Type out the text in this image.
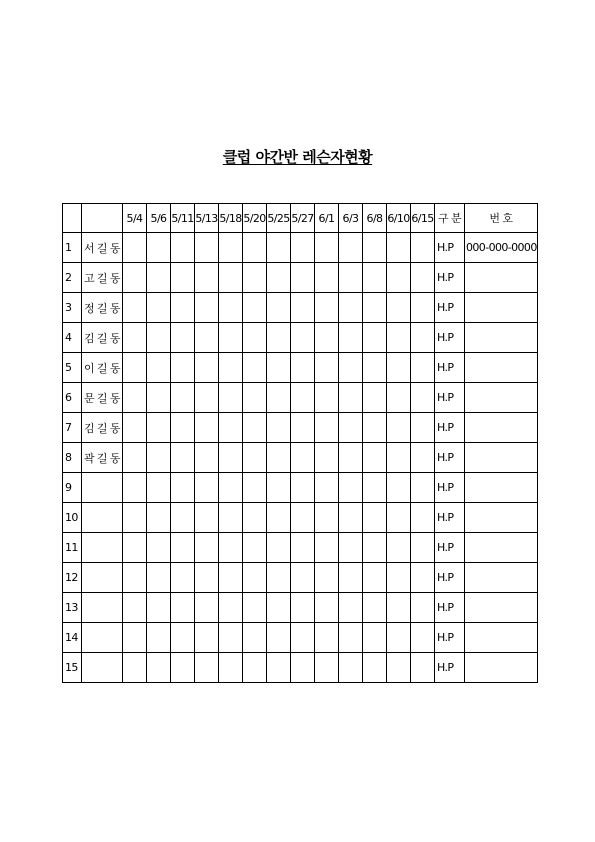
클럽 야간반 레슨자현황
		5/4	5/6	5/11	5/13	5/18	5/20	5/25	5/27	6/1	6/3	6/8	6/10	6/15	구 분	번 호
1	서 길 동														H.P	000-000-0000
2	고 길 동														H.P	
3	정 길 동														H.P	
4	김 길 동														H.P	
5	이 길 동														H.P	
6	문 길 동														H.P	
7	김 길 동														H.P	
8	곽 길 동														H.P	
9															H.P	
10															H.P	
11															H.P	
12															H.P	
13															H.P	
14															H.P	
15															H.P	
